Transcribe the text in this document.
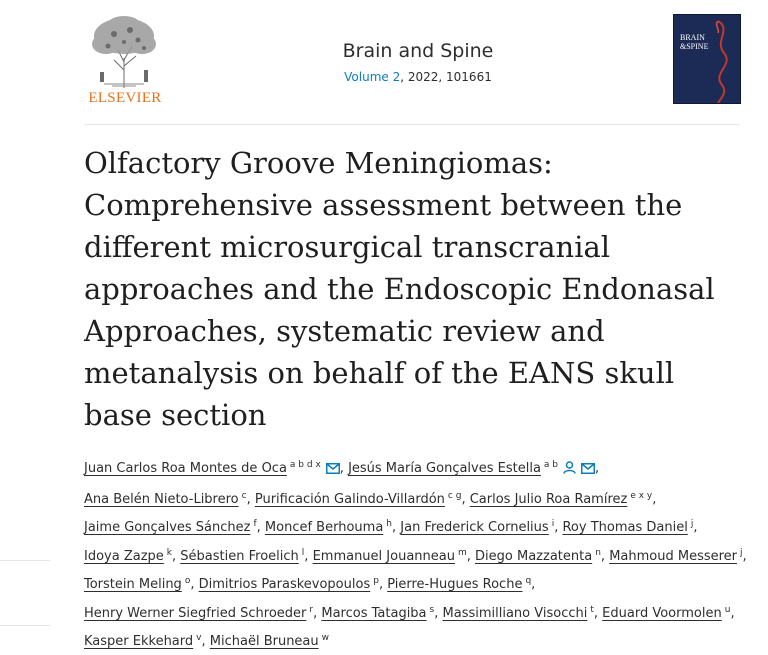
ELSEVIER
Brain and Spine
Volume 2, 2022, 101661
BRAIN
&SPINE
Olfactory Groove Meningiomas: Comprehensive assessment between the different microsurgical transcranial approaches and the Endoscopic Endonasal Approaches, systematic review and metanalysis on behalf of the EANS skull base section
Juan Carlos Roa Montes de Oca $^{a b d x}$ , Jesús María Gonçalves Estella $^{a b}$	, Ana Belén Nieto-Librero $^c$, Purificación Galindo-Villardón $^{c g}$, Carlos Julio Roa Ramírez $^{e x y}$, Jaime Gonçalves Sánchez $^f$, Moncef Berhouma $^h$, Jan Frederick Cornelius $^i$, Roy Thomas Daniel $^j$, Idoya Zazpe $^k$, Sébastien Froelich $^l$, Emmanuel Jouanneau $^m$, Diego Mazzatenta $^n$, Mahmoud Messerer $^j$, Torstein Meling $^o$, Dimitrios Paraskevopoulos $^p$, Pierre-Hugues Roche $^q$, Henry Werner Siegfried Schroeder $^r$, Marcos Tatagiba $^s$, Massimilliano Visocchi $^t$, Eduard Voormolen $^u$, Kasper Ekkehard $^v$, Michaël Bruneau $^w$
